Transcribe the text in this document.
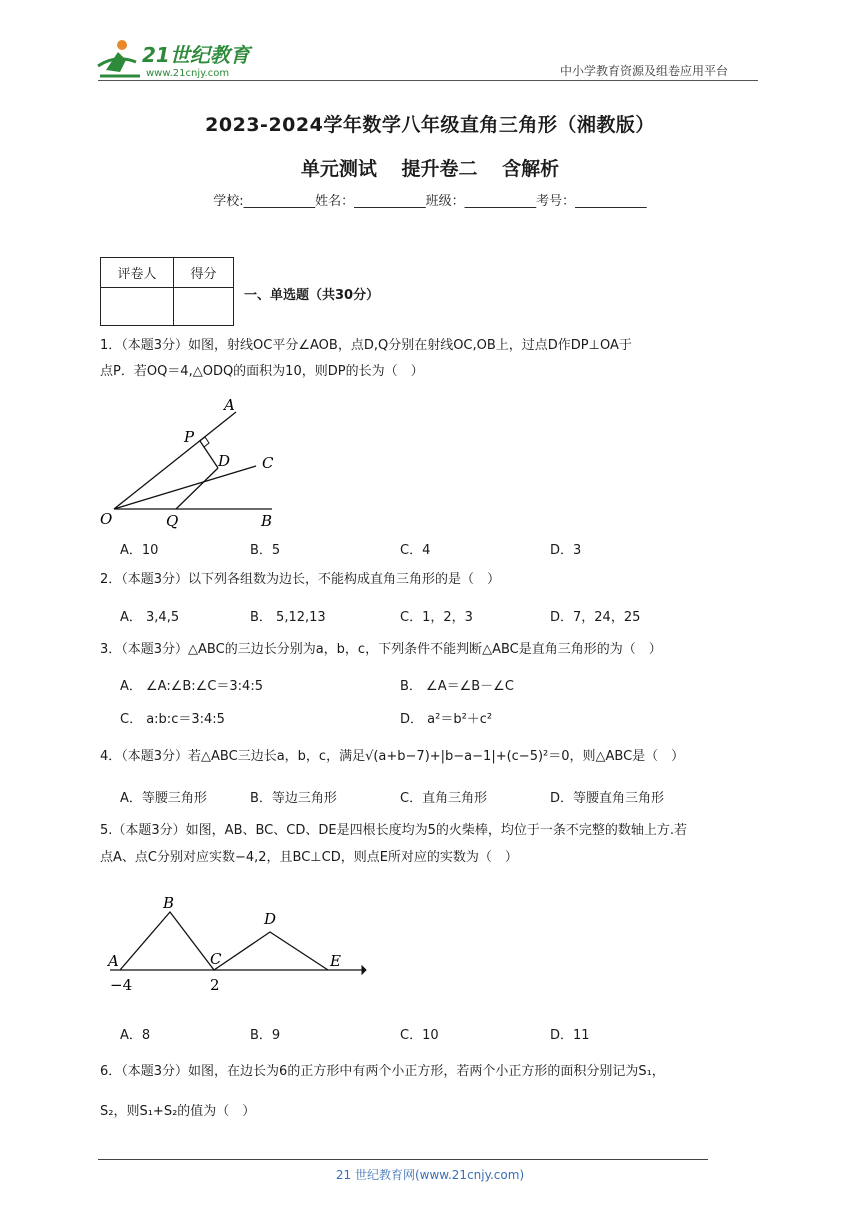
21世纪教育
www.21cnjy.com	中小学教育资源及组卷应用平台
2023-2024学年数学八年级直角三角形（湘教版）
单元测试 提升卷二 含解析
学校:___________姓名：___________班级：___________考号：___________
评卷人	得分

一、单选题（共30分）
1．（本题3分）如图，射线OC平分∠AOB，点D,Q分别在射线OC,OB上，过点D作DP⊥OA于
点P．若OQ＝4,△ODQ的面积为10，则DP的长为（　）
A
P
D C
O	Q	B
A．10	B．5	C．4	D．3
2．（本题3分）以下列各组数为边长，不能构成直角三角形的是（　）
A． 3,4,5	B． 5,12,13	C．1，2，3	D．7，24，25
3．（本题3分）△ABC的三边长分别为a，b，c，下列条件不能判断△ABC是直角三角形的为（　）
A． ∠A:∠B:∠C＝3:4:5	B． ∠A＝∠B－∠C
C． a:b:c＝3:4:5	D． a²＝b²＋c²
4．（本题3分）若△ABC三边长a，b，c，满足√(a+b−7)+|b−a−1|+(c−5)²＝0，则△ABC是（　）
A．等腰三角形	B．等边三角形	C．直角三角形	D．等腰直角三角形
5.（本题3分）如图，AB、BC、CD、DE是四根长度均为5的火柴棒，均位于一条不完整的数轴上方.若
点A、点C分别对应实数−4,2，且BC⊥CD，则点E所对应的实数为（　）
B
D
A	C	E
−4	2
A．8	B．9	C．10	D．11
6．（本题3分）如图，在边长为6的正方形中有两个小正方形，若两个小正方形的面积分别记为S₁，
S₂，则S₁+S₂的值为（　）
21 世纪教育网(www.21cnjy.com)
